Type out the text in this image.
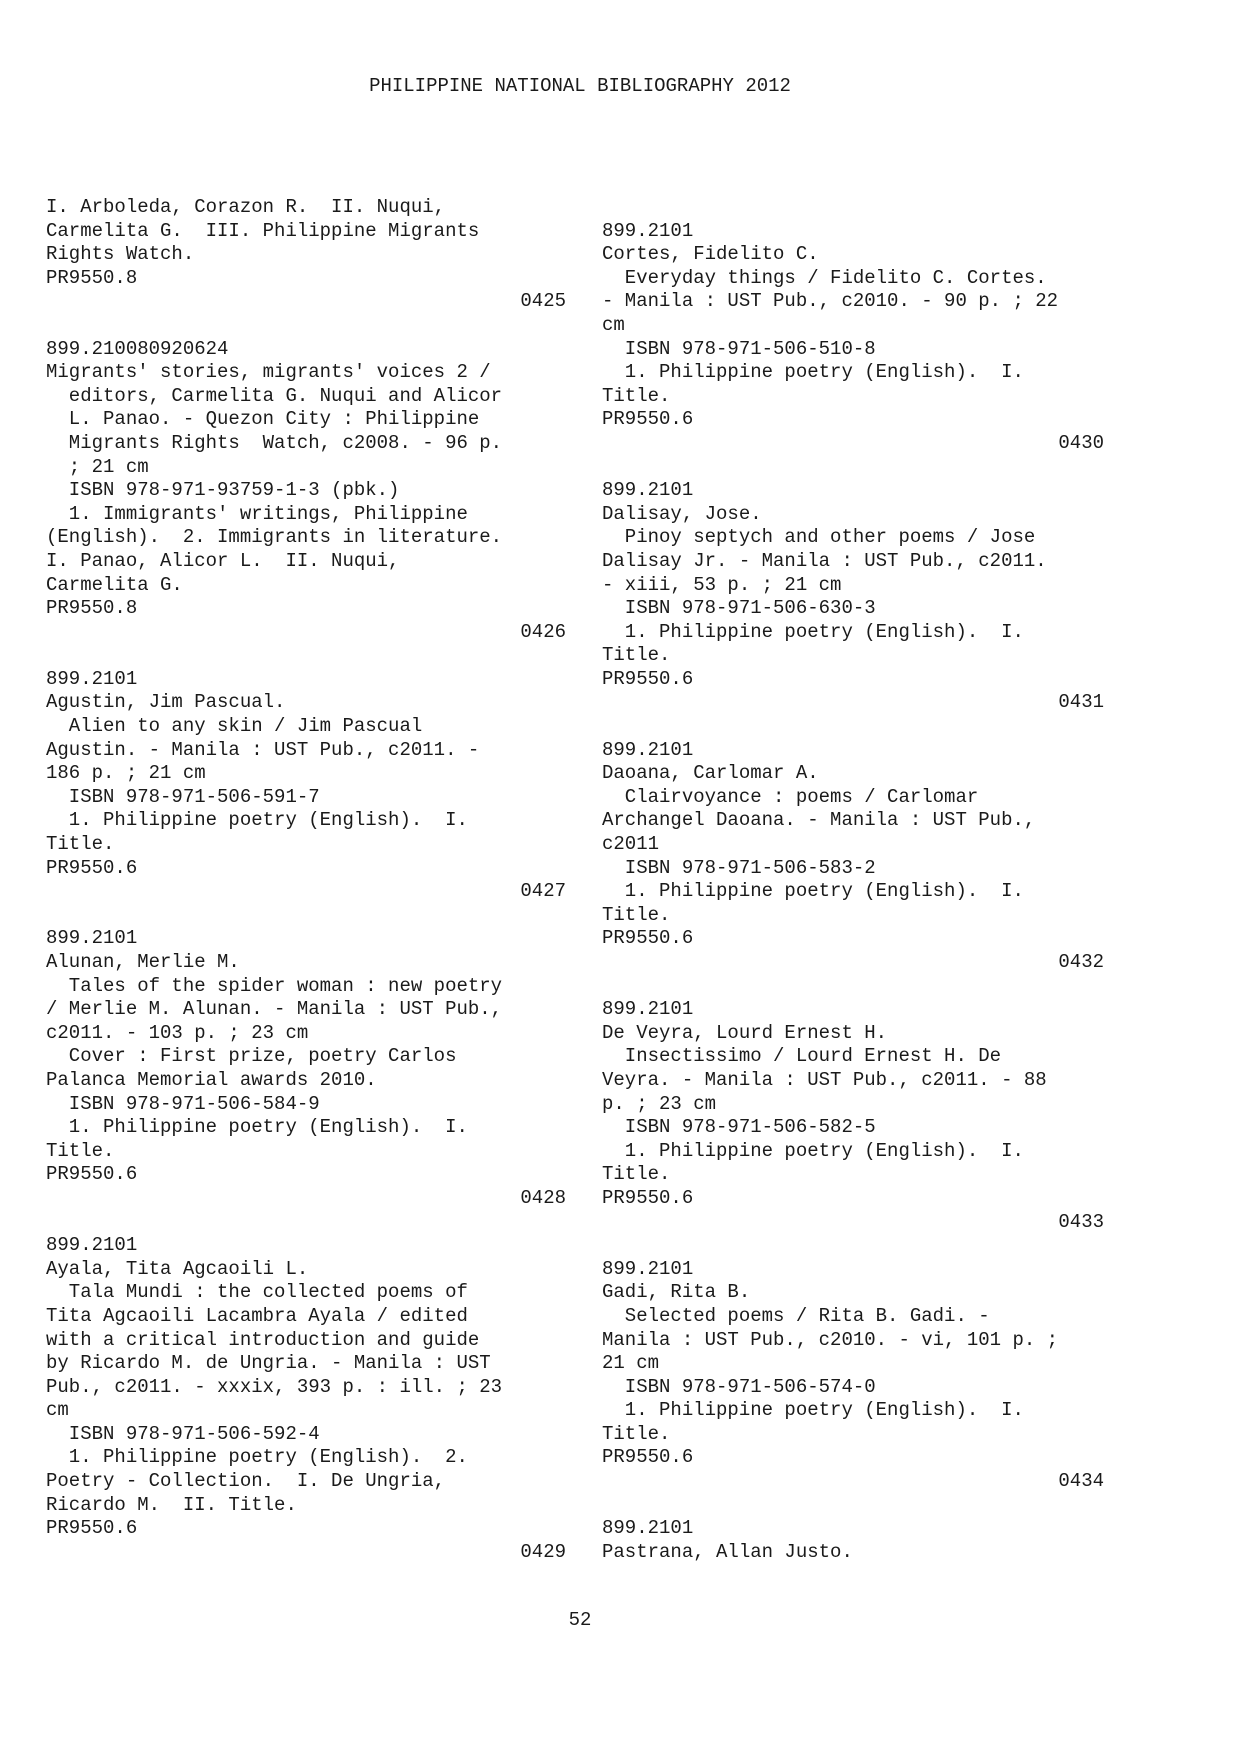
PHILIPPINE NATIONAL BIBLIOGRAPHY 2012
I. Arboleda, Corazon R.  II. Nuqui,
Carmelita G.  III. Philippine Migrants
Rights Watch.
PR9550.8
0425
899.210080920624
Migrants' stories, migrants' voices 2 /
editors, Carmelita G. Nuqui and Alicor
L. Panao. - Quezon City : Philippine
Migrants Rights  Watch, c2008. - 96 p.
; 21 cm
ISBN 978-971-93759-1-3 (pbk.)
1. Immigrants' writings, Philippine
(English).  2. Immigrants in literature.
I. Panao, Alicor L.  II. Nuqui,
Carmelita G.
PR9550.8
0426
899.2101
Agustin, Jim Pascual.
Alien to any skin / Jim Pascual
Agustin. - Manila : UST Pub., c2011. -
186 p. ; 21 cm
ISBN 978-971-506-591-7
1. Philippine poetry (English).  I.
Title.
PR9550.6
0427
899.2101
Alunan, Merlie M.
Tales of the spider woman : new poetry
/ Merlie M. Alunan. - Manila : UST Pub.,
c2011. - 103 p. ; 23 cm
Cover : First prize, poetry Carlos
Palanca Memorial awards 2010.
ISBN 978-971-506-584-9
1. Philippine poetry (English).  I.
Title.
PR9550.6
0428
899.2101
Ayala, Tita Agcaoili L.
Tala Mundi : the collected poems of
Tita Agcaoili Lacambra Ayala / edited
with a critical introduction and guide
by Ricardo M. de Ungria. - Manila : UST
Pub., c2011. - xxxix, 393 p. : ill. ; 23
cm
ISBN 978-971-506-592-4
1. Philippine poetry (English).  2.
Poetry - Collection.  I. De Ungria,
Ricardo M.  II. Title.
PR9550.6
0429
899.2101
Cortes, Fidelito C.
Everyday things / Fidelito C. Cortes.
- Manila : UST Pub., c2010. - 90 p. ; 22
cm
ISBN 978-971-506-510-8
1. Philippine poetry (English).  I.
Title.
PR9550.6
0430
899.2101
Dalisay, Jose.
Pinoy septych and other poems / Jose
Dalisay Jr. - Manila : UST Pub., c2011.
- xiii, 53 p. ; 21 cm
ISBN 978-971-506-630-3
1. Philippine poetry (English).  I.
Title.
PR9550.6
0431
899.2101
Daoana, Carlomar A.
Clairvoyance : poems / Carlomar
Archangel Daoana. - Manila : UST Pub.,
c2011
ISBN 978-971-506-583-2
1. Philippine poetry (English).  I.
Title.
PR9550.6
0432
899.2101
De Veyra, Lourd Ernest H.
Insectissimo / Lourd Ernest H. De
Veyra. - Manila : UST Pub., c2011. - 88
p. ; 23 cm
ISBN 978-971-506-582-5
1. Philippine poetry (English).  I.
Title.
PR9550.6
0433
899.2101
Gadi, Rita B.
Selected poems / Rita B. Gadi. -
Manila : UST Pub., c2010. - vi, 101 p. ;
21 cm
ISBN 978-971-506-574-0
1. Philippine poetry (English).  I.
Title.
PR9550.6
0434
899.2101
Pastrana, Allan Justo.
52
